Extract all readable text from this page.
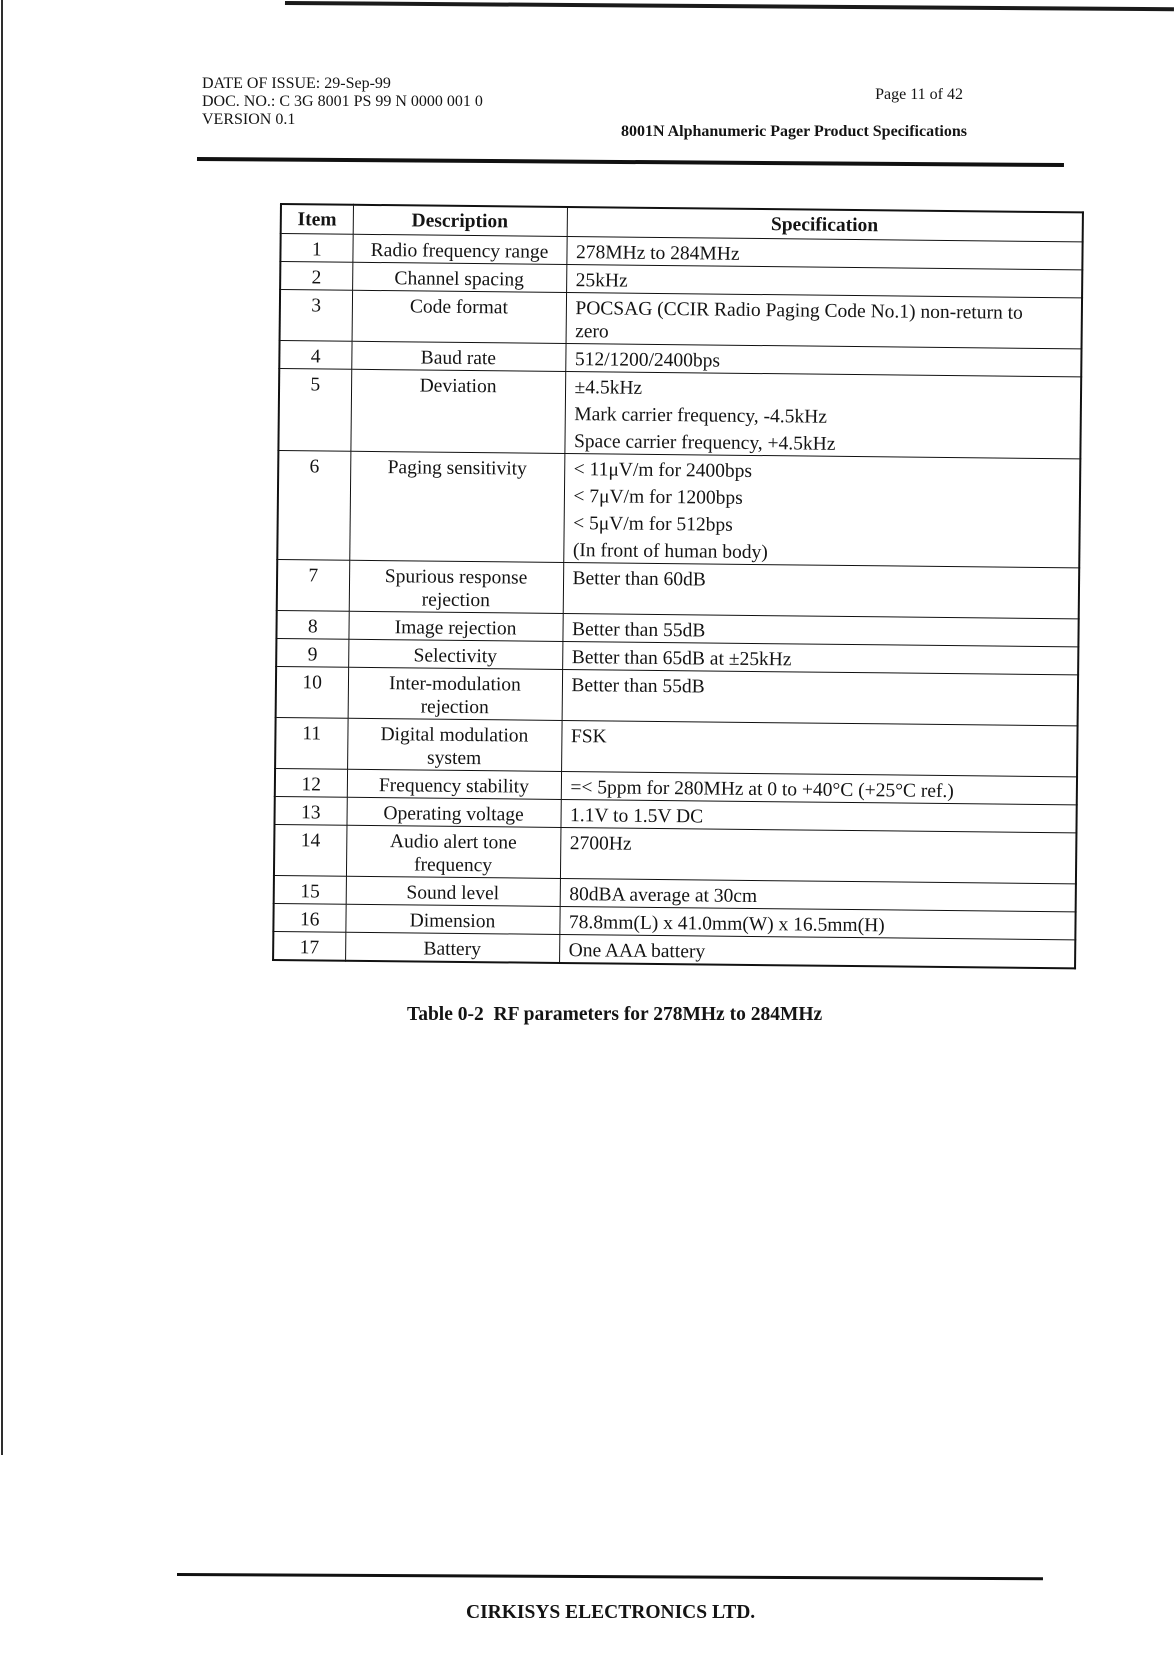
DATE OF ISSUE: 29-Sep-99
DOC. NO.: C 3G 8001 PS 99 N 0000 001 0
VERSION 0.1
Page 11 of 42
8001N Alphanumeric Pager Product Specifications
Item	Description	Specification
1	Radio frequency range	278MHz to 284MHz

2	Channel spacing	25kHz

3	Code format	POCSAG (CCIR Radio Paging Code No.1) non-return to
zero

4	Baud rate	512/1200/2400bps

5	Deviation	±4.5kHz
Mark carrier frequency, -4.5kHz
Space carrier frequency, +4.5kHz

6	Paging sensitivity	< 11μV/m for 2400bps
< 7μV/m for 1200bps
< 5μV/m for 512bps
(In front of human body)

7	Spurious response
rejection	Better than 60dB

8	Image rejection	Better than 55dB

9	Selectivity	Better than 65dB at ±25kHz

10	Inter-modulation
rejection	Better than 55dB

11	Digital modulation
system	FSK

12	Frequency stability	=< 5ppm for 280MHz at 0 to +40°C (+25°C ref.)

13	Operating voltage	1.1V to 1.5V DC

14	Audio alert tone
frequency	2700Hz

15	Sound level	80dBA average at 30cm

16	Dimension	78.8mm(L) x 41.0mm(W) x 16.5mm(H)

17	Battery	One AAA battery
Table 0-2  RF parameters for 278MHz to 284MHz
CIRKISYS ELECTRONICS LTD.
